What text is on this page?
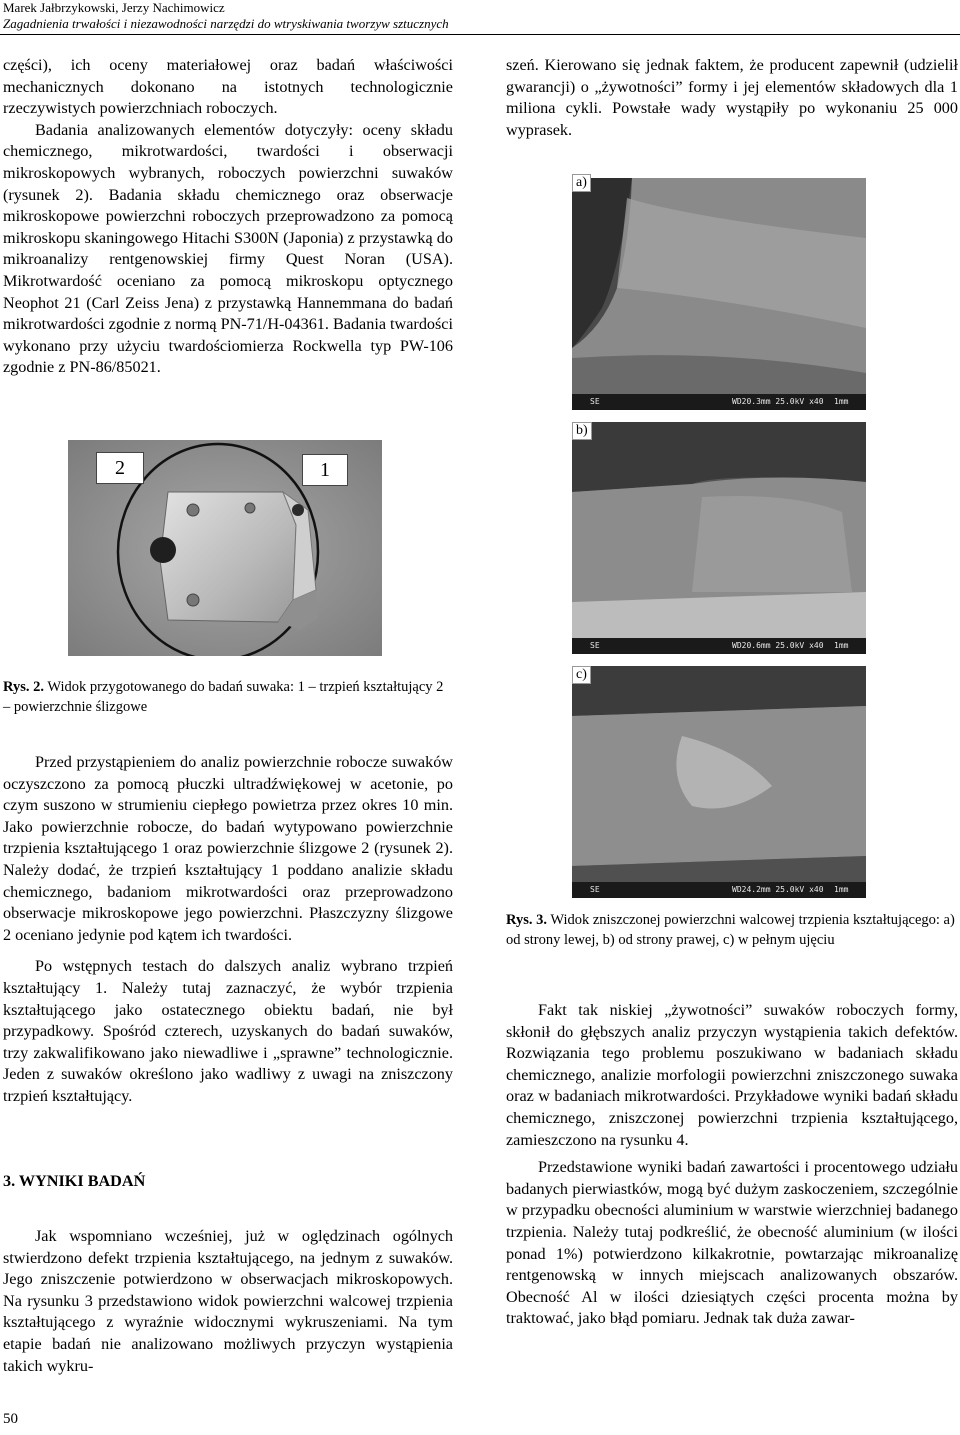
Marek Jałbrzykowski, Jerzy Nachimowicz
Zagadnienia trwałości i niezawodności narzędzi do wtryskiwania tworzyw sztucznych

części), ich oceny materiałowej oraz badań właściwości mechanicznych dokonano na istotnych technologicznie rzeczywistych powierzchniach roboczych.

Badania analizowanych elementów dotyczyły: oceny składu chemicznego, mikrotwardości, twardości i obserwacji mikroskopowych wybranych, roboczych powierzchni suwaków (rysunek 2). Badania składu chemicznego oraz obserwacje mikroskopowe powierzchni roboczych przeprowadzono za pomocą mikroskopu skaningowego Hitachi S300N (Japonia) z przystawką do mikroanalizy rentgenowskiej firmy Quest Noran (USA). Mikrotwardość oceniano za pomocą mikroskopu optycznego Neophot 21 (Carl Zeiss Jena) z przystawką Hannemmana do badań mikrotwardości zgodnie z normą PN-71/H-04361. Badania twardości wykonano przy użyciu twardościomierza Rockwella typ PW-106 zgodnie z PN-86/85021.

2	1
Rys. 2. Widok przygotowanego do badań suwaka: 1 – trzpień kształtujący 2 – powierzchnie ślizgowe

Przed przystąpieniem do analiz powierzchnie robocze suwaków oczyszczono za pomocą płuczki ultradźwiękowej w acetonie, po czym suszono w strumieniu ciepłego powietrza przez okres 10 min. Jako powierzchnie robocze, do badań wytypowano powierzchnie trzpienia kształtującego 1 oraz powierzchnie ślizgowe 2 (rysunek 2). Należy dodać, że trzpień kształtujący 1 poddano analizie składu chemicznego, badaniom mikrotwardości oraz przeprowadzono obserwacje mikroskopowe jego powierzchni. Płaszczyzny ślizgowe 2 oceniano jedynie pod kątem ich twardości.

Po wstępnych testach do dalszych analiz wybrano trzpień kształtujący 1. Należy tutaj zaznaczyć, że wybór trzpienia kształtującego jako ostatecznego obiektu badań, nie był przypadkowy. Spośród czterech, uzyskanych do badań suwaków, trzy zakwalifikowano jako niewadliwe i „sprawne” technologicznie. Jeden z suwaków określono jako wadliwy z uwagi na zniszczony trzpień kształtujący.

3. WYNIKI BADAŃ

Jak wspomniano wcześniej, już w oględzinach ogólnych stwierdzono defekt trzpienia kształtującego, na jednym z suwaków. Jego zniszczenie potwierdzono w obserwacjach mikroskopowych. Na rysunku 3 przedstawiono widok powierzchni walcowej trzpienia kształtującego z wyraźnie widocznymi wykruszeniami. Na tym etapie badań nie analizowano możliwych przyczyn wystąpienia takich wykru-

szeń. Kierowano się jednak faktem, że producent zapewnił (udzielił gwarancji) o „żywotności” formy i jej elementów składowych dla 1 miliona cykli. Powstałe wady wystąpiły po wykonaniu 25 000 wyprasek.

SE	WD20.3mm 25.0kV x40 1mm
a)
SE	WD20.6mm 25.0kV x40 1mm
b)
SE	WD24.2mm 25.0kV x40 1mm
c)
Rys. 3. Widok zniszczonej powierzchni walcowej trzpienia kształtującego: a) od strony lewej, b) od strony prawej, c) w pełnym ujęciu

Fakt tak niskiej „żywotności” suwaków roboczych formy, skłonił do głębszych analiz przyczyn wystąpienia takich defektów. Rozwiązania tego problemu poszukiwano w badaniach składu chemicznego, analizie morfologii powierzchni zniszczonego suwaka oraz w badaniach mikrotwardości. Przykładowe wyniki badań składu chemicznego, zniszczonej powierzchni trzpienia kształtującego, zamieszczono na rysunku 4.

Przedstawione wyniki badań zawartości i procentowego udziału badanych pierwiastków, mogą być dużym zaskoczeniem, szczególnie w przypadku obecności aluminium w warstwie wierzchniej badanego trzpienia. Należy tutaj podkreślić, że obecność aluminium (w ilości ponad 1%) potwierdzono kilkakrotnie, powtarzając mikroanalizę rentgenowską w innych miejscach analizowanych obszarów. Obecność Al w ilości dziesiątych części procenta można by traktować, jako błąd pomiaru. Jednak tak duża zawar-

50
